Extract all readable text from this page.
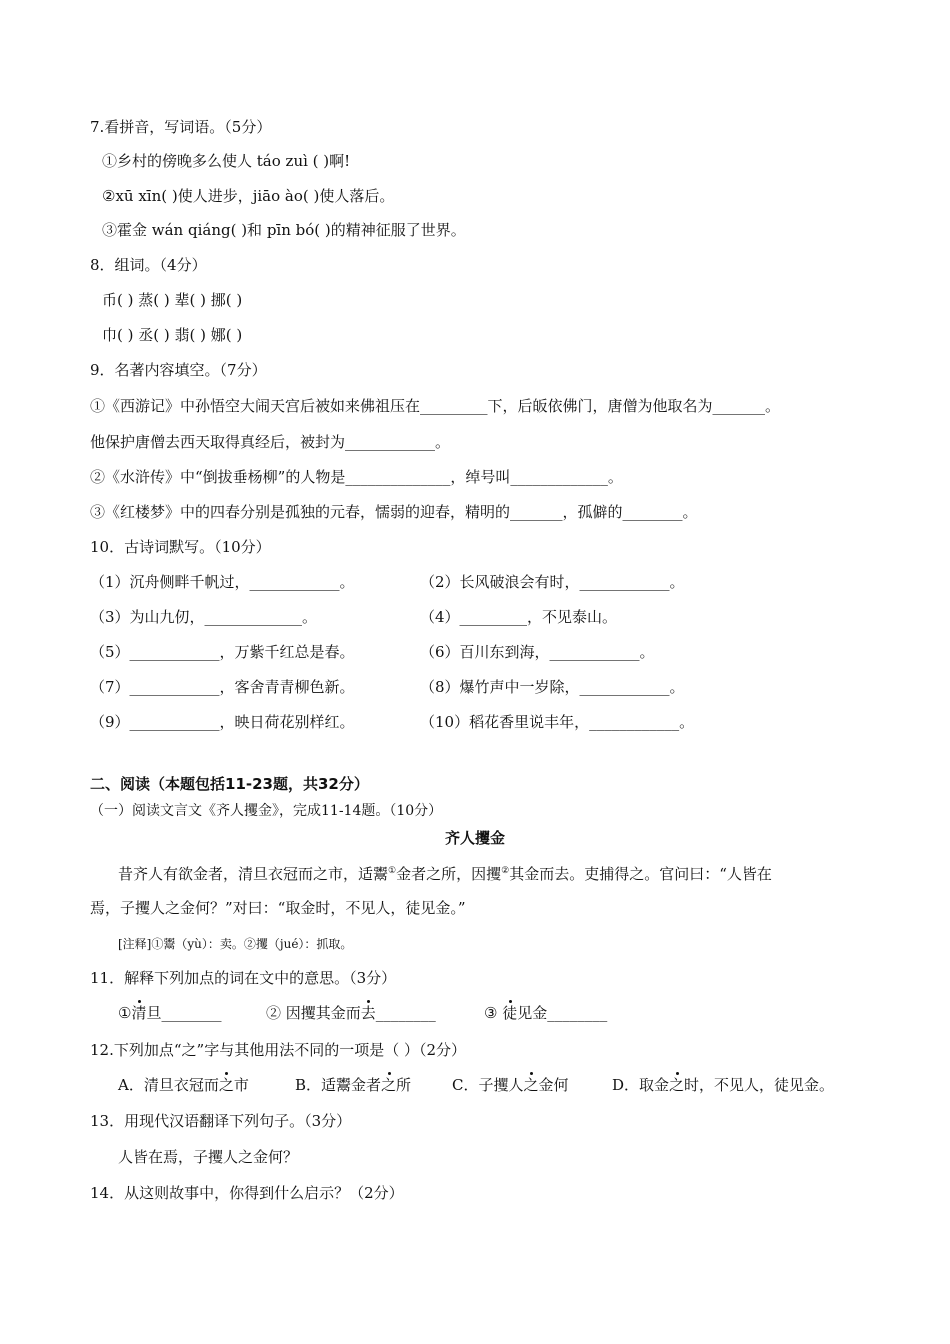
7.看拼音，写词语。（5分）
①乡村的傍晚多么使人 táo zuì ( )啊!
②xū xīn( )使人进步，jiāo ào( )使人落后。
③霍金 wán qiáng( )和 pīn bó( )的精神征服了世界。
8．组词。（4分）
币( ) 蒸( ) 辈( ) 挪( )
巾( ) 丞( ) 翡( ) 娜( )
9．名著内容填空。（7分）
①《西游记》中孙悟空大闹天宫后被如来佛祖压在_________下，后皈依佛门，唐僧为他取名为_______。
他保护唐僧去西天取得真经后，被封为____________。
②《水浒传》中“倒拔垂杨柳”的人物是______________，绰号叫_____________。
③《红楼梦》中的四春分别是孤独的元春，懦弱的迎春，精明的_______，孤僻的________。
10．古诗词默写。（10分）
（1）沉舟侧畔千帆过，____________。	（2）长风破浪会有时，____________。
（3）为山九仞，_____________。	（4）_________，不见泰山。
（5）____________，万紫千红总是春。	（6）百川东到海，____________。
（7）____________，客舍青青柳色新。	（8）爆竹声中一岁除，____________。
（9）____________，映日荷花别样红。	（10）稻花香里说丰年，____________。
二、阅读（本题包括11-23题，共32分）
（一）阅读文言文《齐人攫金》，完成11-14题。（10分）
齐人攫金
昔齐人有欲金者，清旦衣冠而之市，适鬻①金者之所，因攫②其金而去。吏捕得之。官问曰：“人皆在
焉，子攫人之金何？”对曰：“取金时，不见人，徒见金。”
[注释]①鬻（yù）：卖。②攫（jué）：抓取。
11．解释下列加点的词在文中的意思。（3分）
①清旦________	② 因攫其金而去________	③ 徒见金________
12.下列加点“之”字与其他用法不同的一项是（ ）（2分）
A．清旦衣冠而之市	B．适鬻金者之所	C．子攫人之金何	D．取金之时，不见人，徒见金。
13．用现代汉语翻译下列句子。（3分）
人皆在焉，子攫人之金何？
14．从这则故事中，你得到什么启示？（2分）
